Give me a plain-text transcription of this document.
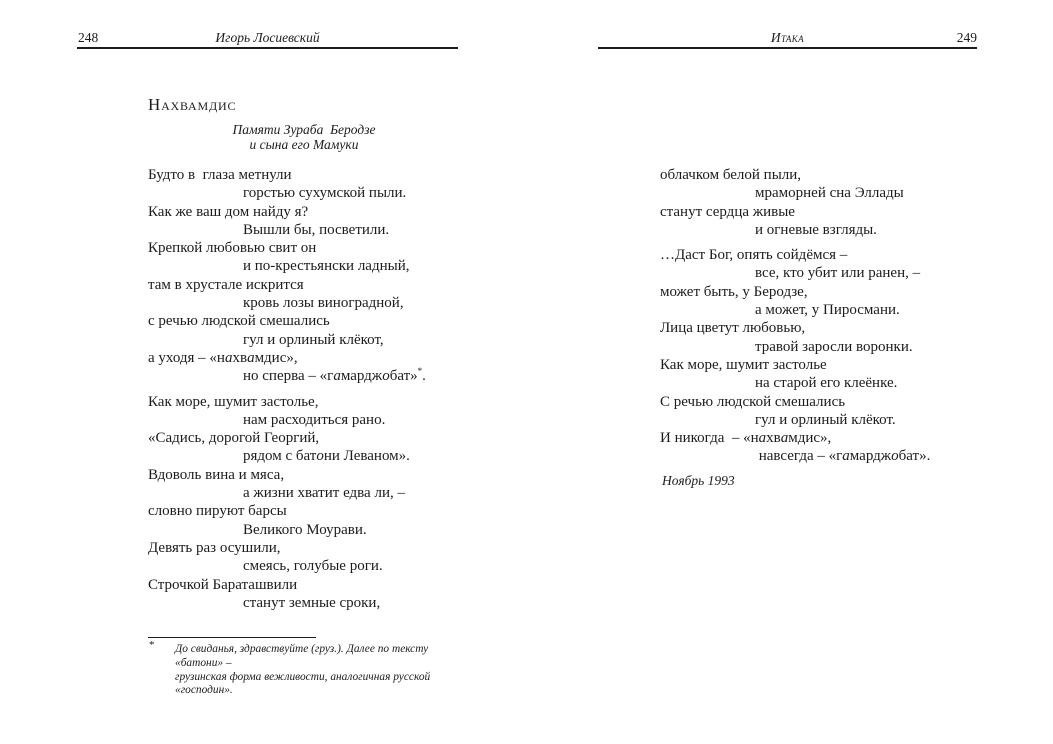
248	Игорь Лосиевский	Итака	249
Нахвамдис
Памяти Зураба  Беродзе
и сына его Мамуки
Будто в  глаза метнули
горстью сухумской пыли.
Как же ваш дом найду я?
Вышли бы, посветили.
Крепкой любовью свит он
и по-крестьянски ладный,
там в хрустале искрится
кровь лозы виноградной,
с речью людской смешались
гул и орлиный клёкот,
а уходя – «нахвамдис»,
но сперва – «гамарджобат»*.
Как море, шумит застолье,
нам расходиться рано.
«Садись, дорогой Георгий,
рядом с батони Леваном».
Вдоволь вина и мяса,
а жизни хватит едва ли, –
словно пируют барсы
Великого Моурави.
Девять раз осушили,
смеясь, голубые роги.
Строчкой Бараташвили
станут земные сроки,
* До свиданья, здравствуйте (груз.). Далее по тексту «батони» –
грузинская форма вежливости, аналогичная русской «господин».
облачком белой пыли,
мраморней сна Эллады
станут сердца живые
и огневые взгляды.
…Даст Бог, опять сойдёмся –
все, кто убит или ранен, –
может быть, у Беродзе,
а может, у Пиросмани.
Лица цветут любовью,
травой заросли воронки.
Как море, шумит застолье
на старой его клеёнке.
С речью людской смешались
гул и орлиный клёкот.
И никогда  – «нахвамдис»,
навсегда – «гамарджобат».
Ноябрь 1993
